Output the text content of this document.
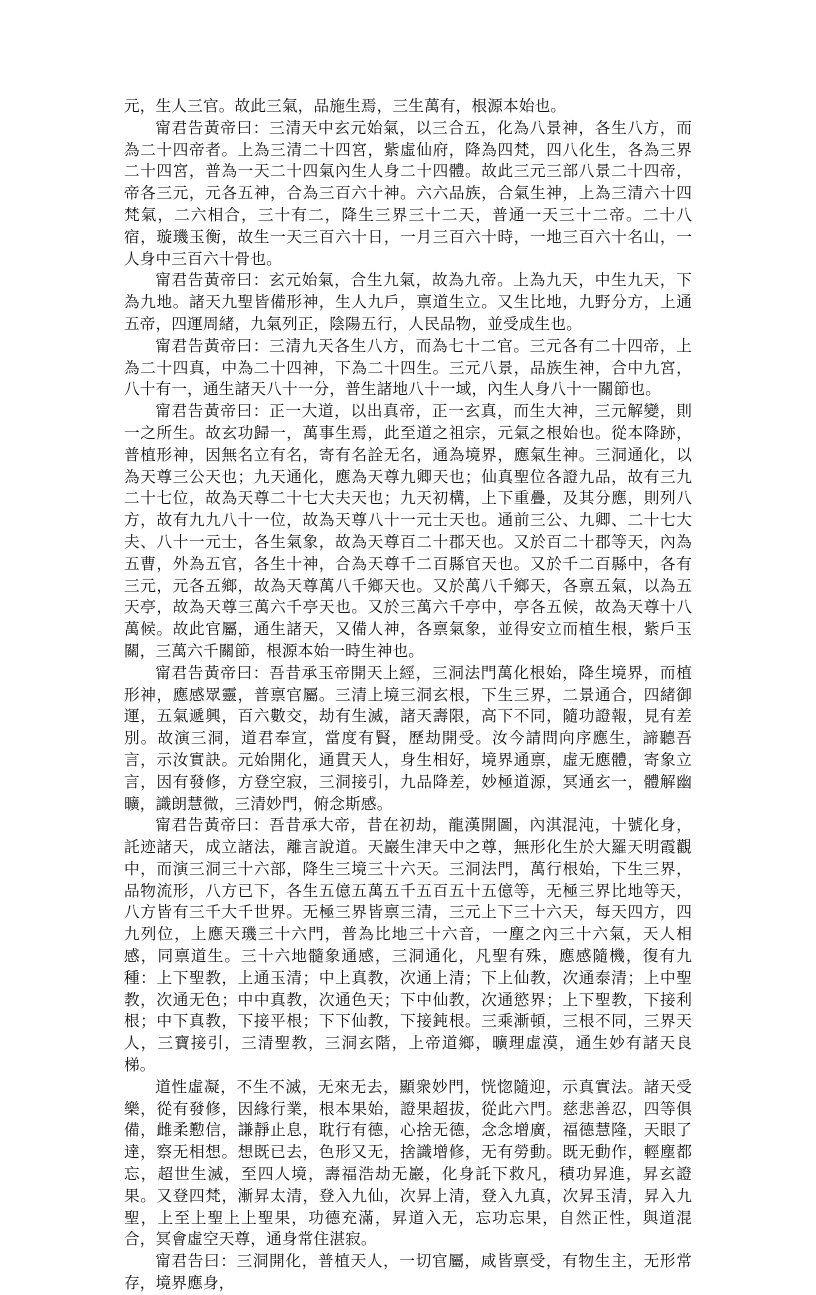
元，生人三官。故此三氣，品施生焉，三生萬有，根源本始也。

甯君告黃帝曰：三清天中玄元始氣，以三合五，化為八景神，各生八方，而為二十四帝者。上為三清二十四宮，紫虛仙府，降為四梵，四八化生，各為三界二十四宮，普為一天二十四氣內生人身二十四體。故此三元三部八景二十四帝，帝各三元，元各五神，合為三百六十神。六六品族，合氣生神，上為三清六十四梵氣，二六相合，三十有二，降生三界三十二天，普通一天三十二帝。二十八宿，璇璣玉衡，故生一天三百六十日，一月三百六十時，一地三百六十名山，一人身中三百六十骨也。

甯君告黃帝曰：玄元始氣，合生九氣，故為九帝。上為九天，中生九天，下為九地。諸天九聖皆備形神，生人九戶，禀道生立。又生比地，九野分方，上通五帝，四運周緒，九氣列正，陰陽五行，人民品物，並受成生也。

甯君告黃帝曰：三清九天各生八方，而為七十二官。三元各有二十四帝，上為二十四真，中為二十四神，下為二十四生。三元八景，品族生神，合中九宮，八十有一，通生諸天八十一分，普生諸地八十一域，內生人身八十一關節也。

甯君告黃帝曰：正一大道，以出真帝，正一玄真，而生大神，三元解變，則一之所生。故玄功歸一，萬事生焉，此至道之祖宗，元氣之根始也。從本降跡，普植形神，因無名立有名，寄有名詮无名，通為境界，應氣生神。三洞通化，以為天尊三公天也；九天通化，應為天尊九卿天也；仙真聖位各證九品，故有三九二十七位，故為天尊二十七大夫天也；九天初構，上下重疊，及其分應，則列八方，故有九九八十一位，故為天尊八十一元士天也。通前三公、九卿、二十七大夫、八十一元士，各生氣象，故為天尊百二十郡天也。又於百二十郡等天，內為五曹，外為五官，各生十神，合為天尊千二百縣官天也。又於千二百縣中，各有三元，元各五鄉，故為天尊萬八千鄉天也。又於萬八千鄉天，各禀五氣，以為五天亭，故為天尊三萬六千亭天也。又於三萬六千亭中，亭各五候，故為天尊十八萬候。故此官屬，通生諸天，又備人神，各禀氣象，並得安立而植生根，紫戶玉關，三萬六千關節，根源本始一時生神也。

甯君告黃帝曰：吾昔承玉帝開天上經，三洞法門萬化根始，降生境界，而植形神，應感眾靈，普禀官屬。三清上境三洞玄根，下生三界，二景通合，四緒御運，五氣遞興，百六數交，劫有生滅，諸天壽限，高下不同，隨功證報，見有差別。故演三洞，道君奉宣，當度有賢，歷劫開受。汝今請問向序應生，諦聽吾言，示汝實訣。元始開化，通貫天人，身生相好，境界通禀，虛无應體，寄象立言，因有發修，方登空寂，三洞接引，九品降差，妙極道源，冥通玄一，體解幽曠，識朗慧微，三清妙門，俯念斯感。

甯君告黃帝曰：吾昔承大帝，昔在初劫，龍漢開圖，內淇混沌，十號化身，託迹諸天，成立諸法，離言說道。天巖生津天中之尊，無形化生於大羅天明霞觀中，而演三洞三十六部，降生三境三十六天。三洞法門，萬行根始，下生三界，品物流形，八方已下，各生五億五萬五千五百五十五億等，无極三界比地等天，八方皆有三千大千世界。无極三界皆禀三清，三元上下三十六天，每天四方，四九列位，上應天璣三十六門，普為比地三十六音，一塵之內三十六氣，天人相感，同禀道生。三十六地髓象通感，三洞通化，凡聖有殊，應感隨機，復有九種：上下聖教，上通玉清；中上真教，次通上清；下上仙教，次通泰清；上中聖教，次通无色；中中真教，次通色天；下中仙教，次通慾界；上下聖教，下接利根；中下真教，下接平根；下下仙教，下接鈍根。三乘漸頓，三根不同，三界天人，三寶接引，三清聖教，三洞玄階，上帝道鄉，曠理虛漠，通生妙有諸天良梯。

道性虛凝，不生不滅，无來无去，顯衆妙門，恍惚隨迎，示真實法。諸天受樂，從有發修，因緣行業，根本果始，證果超拔，從此六門。慈悲善忍，四等俱備，雌柔懃信，謙靜止息，耽行有德，心捨无德，念念增廣，福德慧隆，天眼了達，察无相想。想既已去，色形又无，捨識增修，无有勞動。既无動作，輕塵都忘，超世生滅，至四人境，壽福浩劫无巖，化身託下救凡，積功昇進，昇玄證果。又登四梵，漸昇太清，登入九仙，次昇上清，登入九真，次昇玉清，昇入九聖，上至上聖上上聖果，功德充滿，昇道入无，忘功忘果，自然正性，與道混合，冥會虛空天尊，通身常住湛寂。

甯君告曰：三洞開化，普植天人，一切官屬，咸皆禀受，有物生主，无形常存，境界應身，
